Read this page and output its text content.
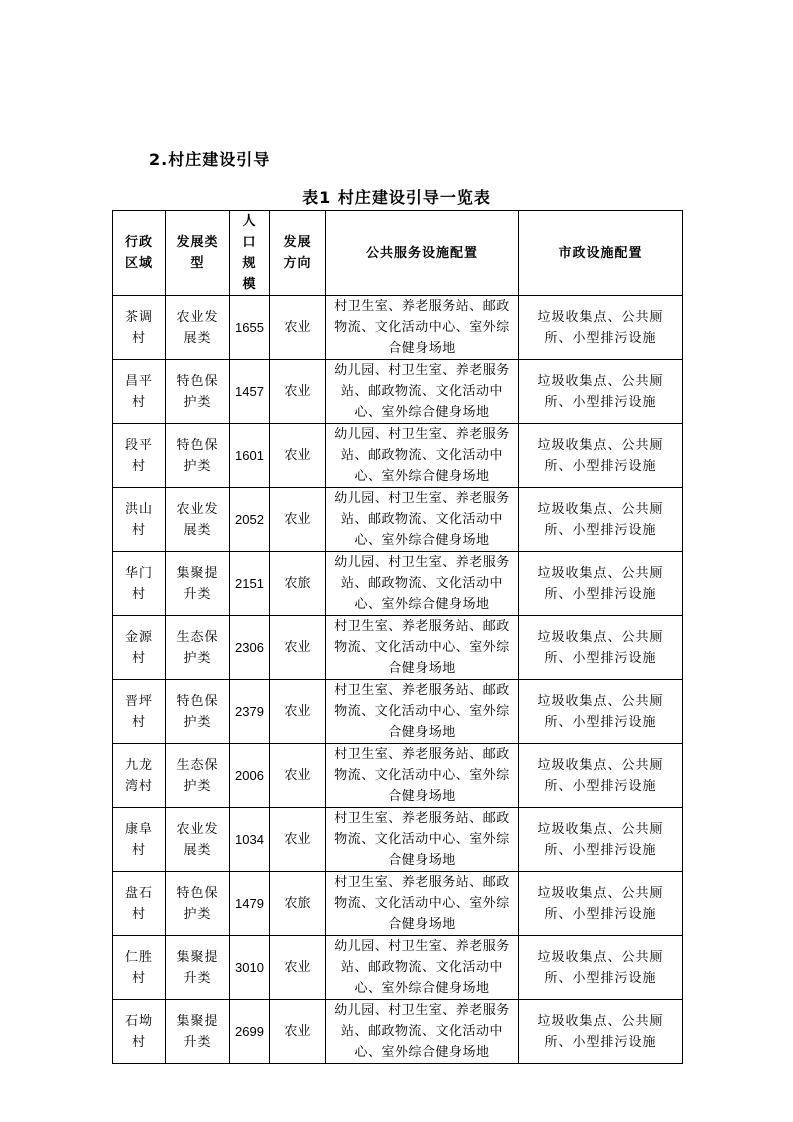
2.村庄建设引导
表1 村庄建设引导一览表
行政区域	发展类型	人口规模	发展方向	公共服务设施配置	市政设施配置
茶调村	农业发展类	1655	农业	村卫生室、养老服务站、邮政物流、文化活动中心、室外综合健身场地	垃圾收集点、公共厕所、小型排污设施
昌平村	特色保护类	1457	农业	幼儿园、村卫生室、养老服务站、邮政物流、文化活动中心、室外综合健身场地	垃圾收集点、公共厕所、小型排污设施
段平村	特色保护类	1601	农业	幼儿园、村卫生室、养老服务站、邮政物流、文化活动中心、室外综合健身场地	垃圾收集点、公共厕所、小型排污设施
洪山村	农业发展类	2052	农业	幼儿园、村卫生室、养老服务站、邮政物流、文化活动中心、室外综合健身场地	垃圾收集点、公共厕所、小型排污设施
华门村	集聚提升类	2151	农旅	幼儿园、村卫生室、养老服务站、邮政物流、文化活动中心、室外综合健身场地	垃圾收集点、公共厕所、小型排污设施
金源村	生态保护类	2306	农业	村卫生室、养老服务站、邮政物流、文化活动中心、室外综合健身场地	垃圾收集点、公共厕所、小型排污设施
晋坪村	特色保护类	2379	农业	村卫生室、养老服务站、邮政物流、文化活动中心、室外综合健身场地	垃圾收集点、公共厕所、小型排污设施
九龙湾村	生态保护类	2006	农业	村卫生室、养老服务站、邮政物流、文化活动中心、室外综合健身场地	垃圾收集点、公共厕所、小型排污设施
康阜村	农业发展类	1034	农业	村卫生室、养老服务站、邮政物流、文化活动中心、室外综合健身场地	垃圾收集点、公共厕所、小型排污设施
盘石村	特色保护类	1479	农旅	村卫生室、养老服务站、邮政物流、文化活动中心、室外综合健身场地	垃圾收集点、公共厕所、小型排污设施
仁胜村	集聚提升类	3010	农业	幼儿园、村卫生室、养老服务站、邮政物流、文化活动中心、室外综合健身场地	垃圾收集点、公共厕所、小型排污设施
石坳村	集聚提升类	2699	农业	幼儿园、村卫生室、养老服务站、邮政物流、文化活动中心、室外综合健身场地	垃圾收集点、公共厕所、小型排污设施
